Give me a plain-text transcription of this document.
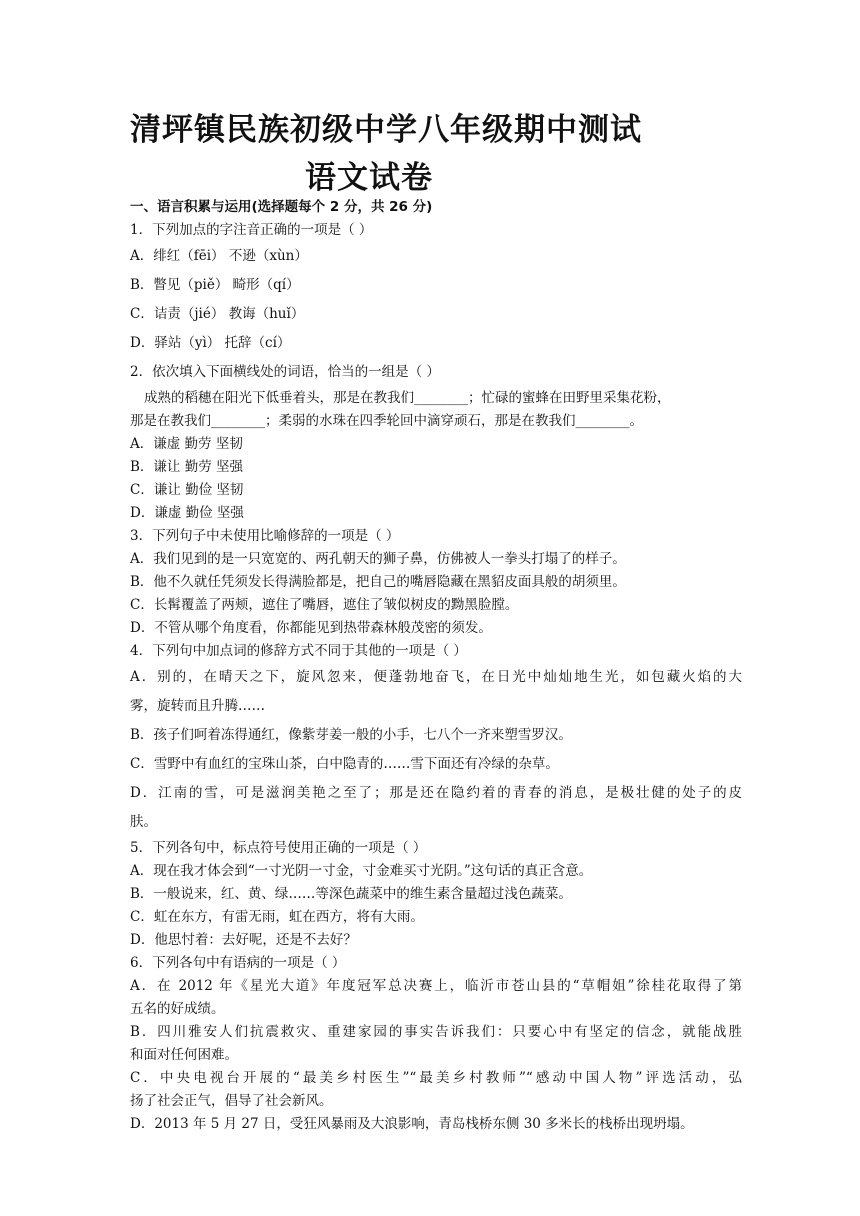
清坪镇民族初级中学八年级期中测试
语文试卷
一、语言积累与运用(选择题每个 2 分，共 26 分)
1．下列加点的字注音正确的一项是（ ）
A．绯红（fēi） 不逊（xùn）
B．瞥见（piě） 畸形（qí）
C．诘责（jié） 教诲（huǐ）
D．驿站（yì） 托辞（cí）
2．依次填入下面横线处的词语，恰当的一组是（ ）
成熟的稻穗在阳光下低垂着头，那是在教我们________；忙碌的蜜蜂在田野里采集花粉，
那是在教我们________；柔弱的水珠在四季轮回中滴穿顽石，那是在教我们________。
A．谦虚 勤劳 坚韧
B．谦让 勤劳 坚强
C．谦让 勤俭 坚韧
D．谦虚 勤俭 坚强
3．下列句子中未使用比喻修辞的一项是（ ）
A．我们见到的是一只宽宽的、两孔朝天的狮子鼻，仿佛被人一拳头打塌了的样子。
B．他不久就任凭须发长得满脸都是，把自己的嘴唇隐藏在黑貂皮面具般的胡须里。
C．长髯覆盖了两颊，遮住了嘴唇，遮住了皱似树皮的黝黑脸膛。
D．不管从哪个角度看，你都能见到热带森林般茂密的须发。
4．下列句中加点词的修辞方式不同于其他的一项是（ ）
A．别的，在晴天之下，旋风忽来，便蓬勃地奋飞，在日光中灿灿地生光，如包藏火焰的大
雾，旋转而且升腾……
B．孩子们呵着冻得通红，像紫芽姜一般的小手，七八个一齐来塑雪罗汉。
C．雪野中有血红的宝珠山茶，白中隐青的……雪下面还有冷绿的杂草。
D．江南的雪，可是滋润美艳之至了；那是还在隐约着的青春的消息，是极壮健的处子的皮
肤。
5．下列各句中，标点符号使用正确的一项是（ ）
A．现在我才体会到“一寸光阴一寸金，寸金难买寸光阴。”这句话的真正含意。
B．一般说来，红、黄、绿……等深色蔬菜中的维生素含量超过浅色蔬菜。
C．虹在东方，有雷无雨，虹在西方，将有大雨。
D．他思忖着：去好呢，还是不去好？
6．下列各句中有语病的一项是（ ）
A．在 2012 年《星光大道》年度冠军总决赛上，临沂市苍山县的“草帽姐”徐桂花取得了第
五名的好成绩。
B．四川雅安人们抗震救灾、重建家园的事实告诉我们：只要心中有坚定的信念，就能战胜
和面对任何困难。
C．中央电视台开展的“最美乡村医生”“最美乡村教师”“感动中国人物”评选活动，弘
扬了社会正气，倡导了社会新风。
D．2013 年 5 月 27 日，受狂风暴雨及大浪影响，青岛栈桥东侧 30 多米长的栈桥出现坍塌。
